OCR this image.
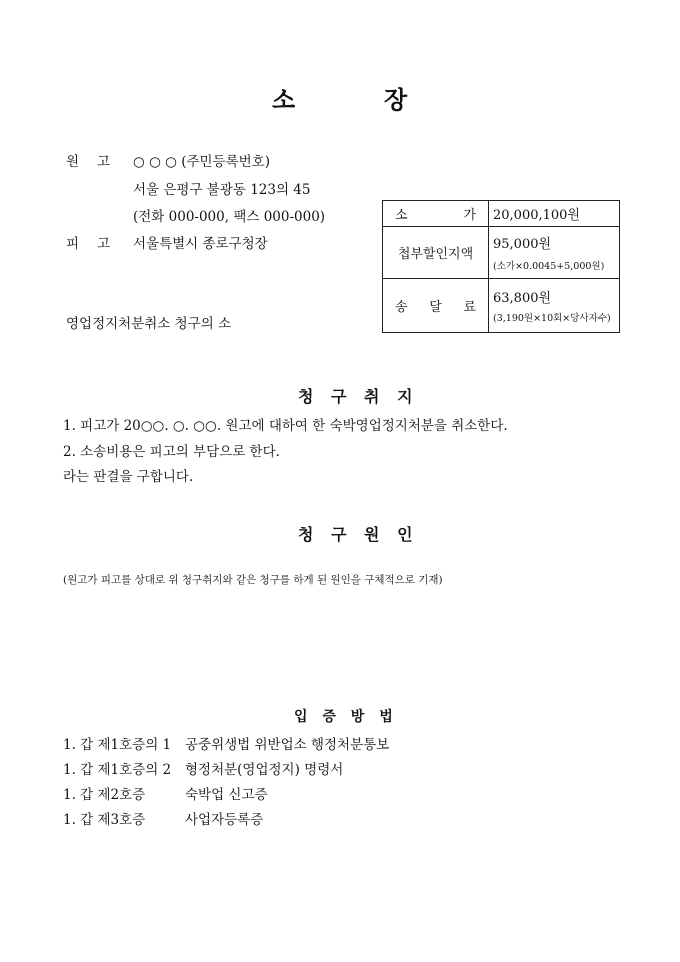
소	장
원 고 ○ ○ ○ (주민등록번호)
서울 은평구 불광동 123의 45
(전화 000-000, 팩스 000-000)
피 고 서울특별시 종로구청장
영업정지처분취소 청구의 소
소 가	20,000,100원
첩부할인지액	95,000원
(소가×0.0045+5,000원)

송 달 료	63,800원
(3,190원×10회×당사자수)
청 구 취 지
1. 피고가 20○○. ○. ○○. 원고에 대하여 한 숙박영업정지처분을 취소한다.
2. 소송비용은 피고의 부담으로 한다.
라는 판결을 구합니다.
청 구 원 인
(원고가 피고를 상대로 위 청구취지와 같은 청구를 하게 된 원인을 구체적으로 기재)
입 증 방 법
1. 갑 제1호증의 1 공중위생법 위반업소 행정처분통보
1. 갑 제1호증의 2 형정처분(영업정지) 명령서
1. 갑 제2호증	숙박업 신고증
1. 갑 제3호증	사업자등록증
